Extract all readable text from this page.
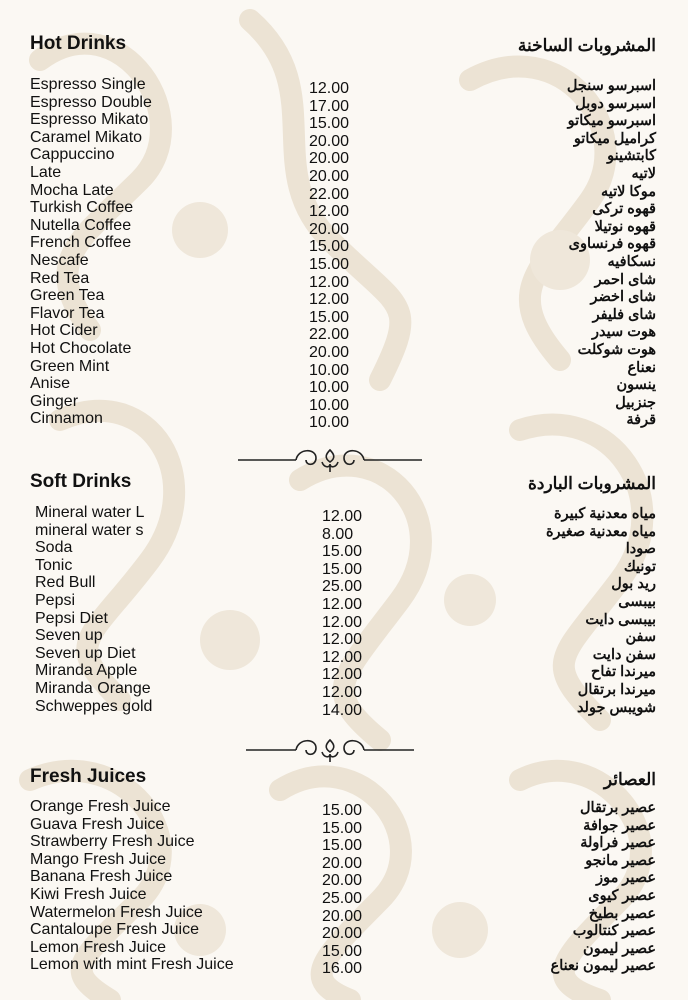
Hot Drinks	المشروبات الساخنة
Espresso Single	12.00	اسبرسو سنجل
Espresso Double	17.00	اسبرسو دوبل
Espresso Mikato	15.00	اسبرسو ميكاتو
Caramel Mikato	20.00	كراميل ميكاتو
Cappuccino	20.00	كابتشينو
Late	20.00	لاتيه
Mocha Late	22.00	موكا لاتيه
Turkish Coffee	12.00	قهوه تركى
Nutella Coffee	20.00	قهوه نوتيلا
French Coffee	15.00	قهوه فرنساوى
Nescafe	15.00	نسكافيه
Red Tea	12.00	شاى احمر
Green Tea	12.00	شاى اخضر
Flavor Tea	15.00	شاى فليفر
Hot Cider	22.00	هوت سيدر
Hot Chocolate	20.00	هوت شوكلت
Green Mint	10.00	نعناع
Anise	10.00	ينسون
Ginger	10.00	جنزبيل
Cinnamon	10.00	قرفة
Soft Drinks	المشروبات الباردة
Mineral water L	12.00	مياه معدنية كبيرة
mineral water s	8.00	مياه معدنية صغيرة
Soda	15.00	صودا
Tonic	15.00	تونيك
Red Bull	25.00	ريد بول
Pepsi	12.00	بيبسى
Pepsi Diet	12.00	بيبسى دايت
Seven up	12.00	سفن
Seven up Diet	12.00	سفن دايت
Miranda Apple	12.00	ميرندا تفاح
Miranda Orange	12.00	ميرندا برتقال
Schweppes gold	14.00	شويبس جولد
Fresh Juices	العصائر
Orange Fresh Juice	15.00	عصير برتقال
Guava Fresh Juice	15.00	عصير جوافة
Strawberry Fresh Juice	15.00	عصير فراولة
Mango Fresh Juice	20.00	عصير مانجو
Banana Fresh Juice	20.00	عصير موز
Kiwi Fresh Juice	25.00	عصير كيوى
Watermelon Fresh Juice	20.00	عصير بطيخ
Cantaloupe Fresh Juice	20.00	عصير كنتالوب
Lemon Fresh Juice	15.00	عصير ليمون
Lemon with mint Fresh Juice	16.00	عصير ليمون نعناع
